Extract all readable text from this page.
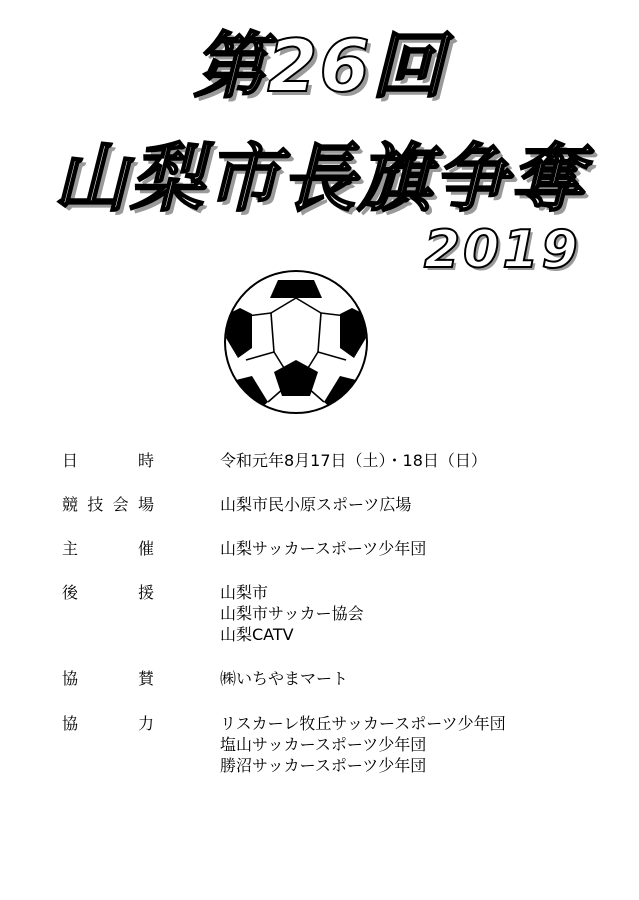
第26回
山梨市長旗争奪
2019
日	時	令和元年8月17日（土）・18日（日）
競 技 会 場	山梨市民小原スポーツ広場
主	催	山梨サッカースポーツ少年団
後	援	山梨市
山梨市サッカー協会
山梨CATV
協	賛	㈱いちやまマート
協	力	リスカーレ牧丘サッカースポーツ少年団
塩山サッカースポーツ少年団
勝沼サッカースポーツ少年団
